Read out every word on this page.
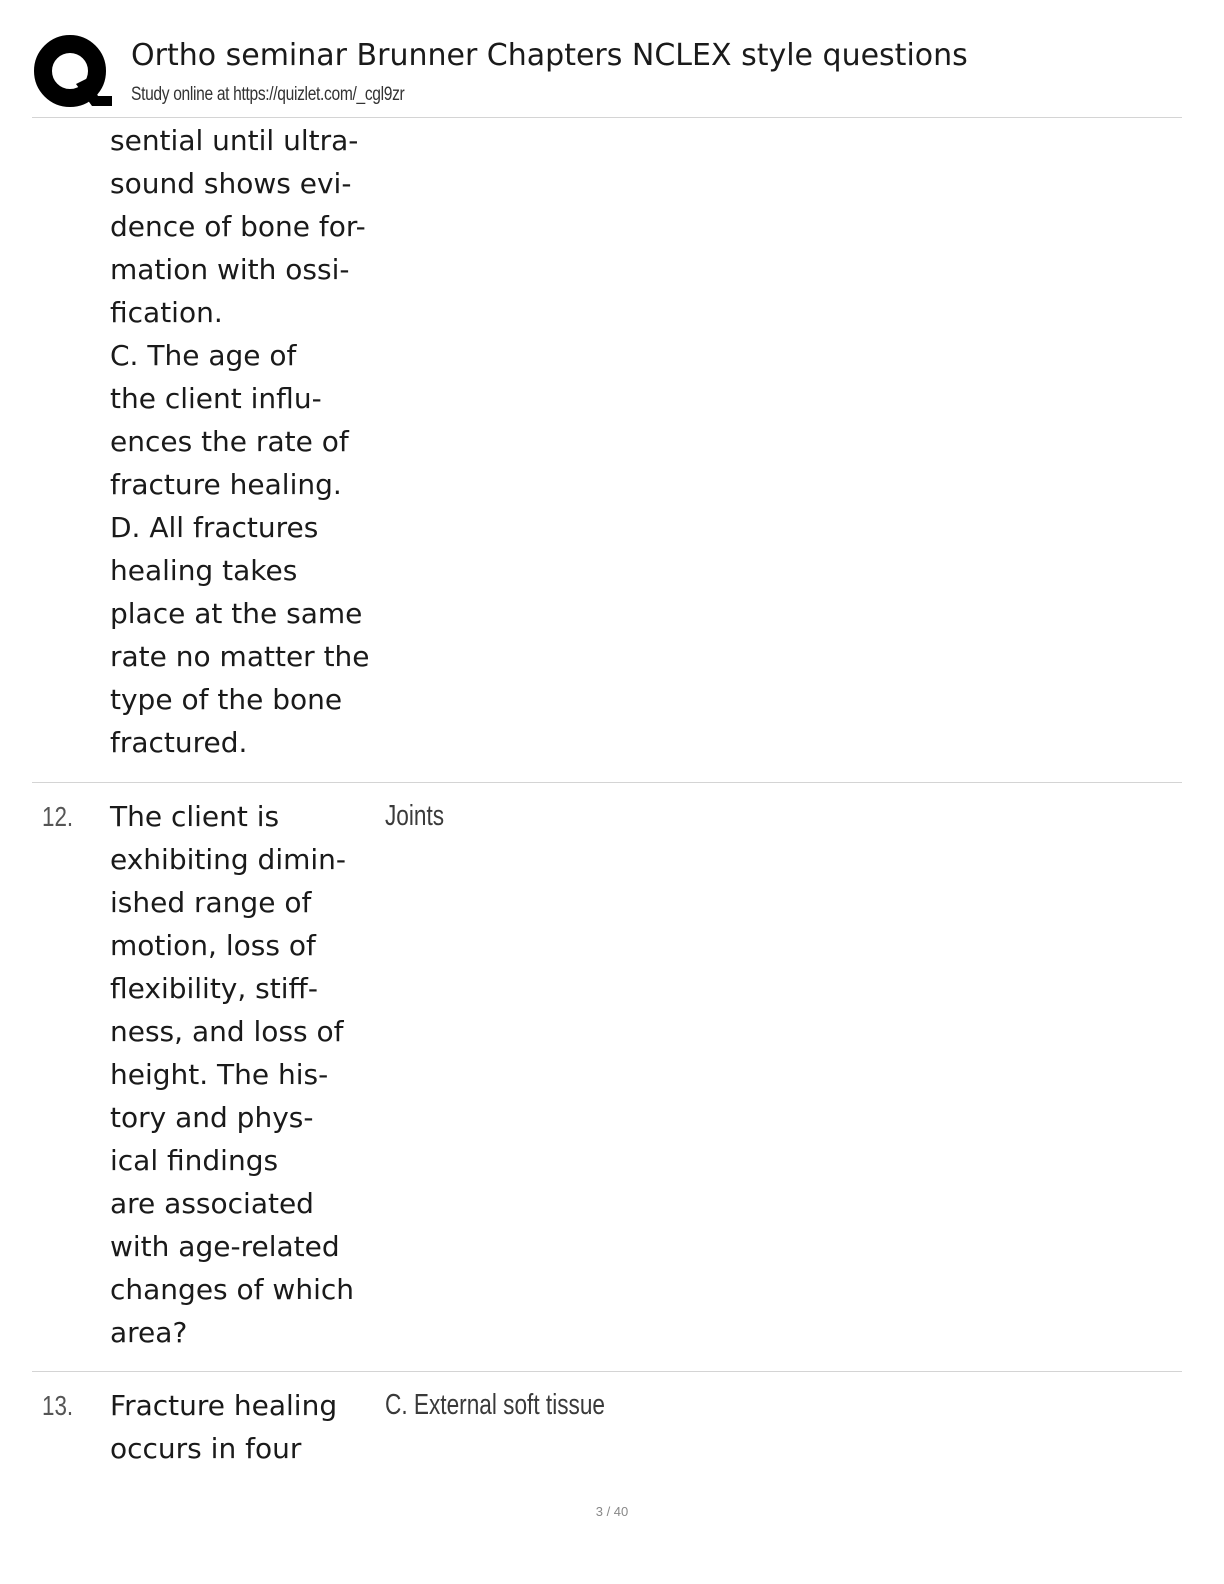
Ortho seminar Brunner Chapters NCLEX style questions
Study online at https://quizlet.com/_cgl9zr
sential until ultra-
sound shows evi-
dence of bone for-
mation with ossi-
fication.
C. The age of
the client influ-
ences the rate of
fracture healing.
D. All fractures
healing takes
place at the same
rate no matter the
type of the bone
fractured.
12. The client is
exhibiting dimin-
ished range of
motion, loss of
flexibility, stiff-
ness, and loss of
height. The his-
tory and phys-
ical findings
are associated
with age-related
changes of which
area?
Joints
13. Fracture healing
occurs in four
C. External soft tissue
3 / 40
